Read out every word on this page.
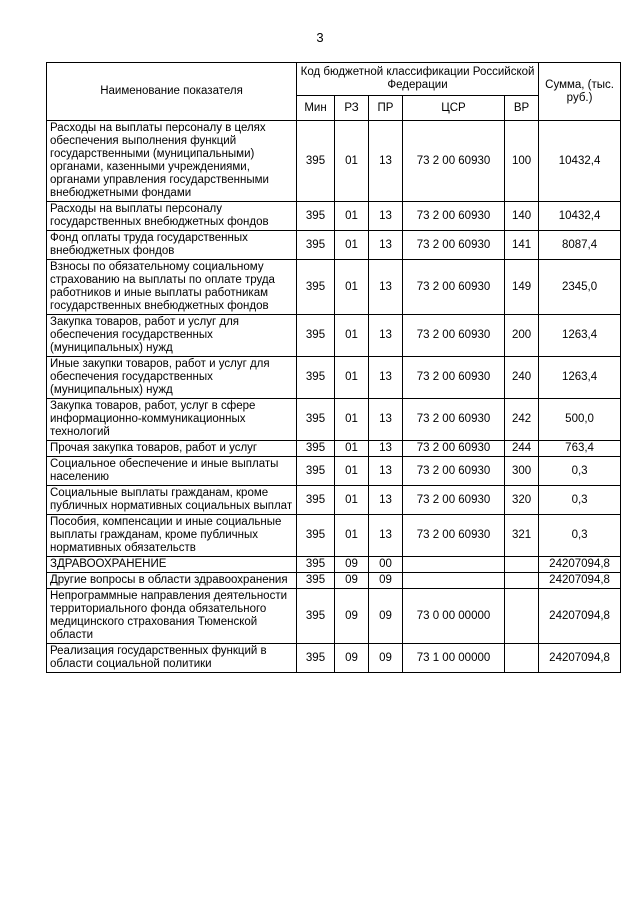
3
Наименование показателя	Код бюджетной классификации Российской Федерации					Сумма, (тыс. руб.)
	Мин	РЗ	ПР	ЦСР	ВР	
Расходы на выплаты персоналу в целях обеспечения выполнения функций государственными (муниципальными) органами, казенными учреждениями, органами управления государственными внебюджетными фондами	395	01	13	73 2 00 60930	100	10432,4
Расходы на выплаты персоналу государственных внебюджетных фондов	395	01	13	73 2 00 60930	140	10432,4
Фонд оплаты труда государственных внебюджетных фондов	395	01	13	73 2 00 60930	141	8087,4
Взносы по обязательному социальному страхованию на выплаты по оплате труда работников и иные выплаты работникам государственных внебюджетных фондов	395	01	13	73 2 00 60930	149	2345,0
Закупка товаров, работ и услуг для обеспечения государственных (муниципальных) нужд	395	01	13	73 2 00 60930	200	1263,4
Иные закупки товаров, работ и услуг для обеспечения государственных (муниципальных) нужд	395	01	13	73 2 00 60930	240	1263,4
Закупка товаров, работ, услуг в сфере информационно-коммуникационных технологий	395	01	13	73 2 00 60930	242	500,0
Прочая закупка товаров, работ и услуг	395	01	13	73 2 00 60930	244	763,4
Социальное обеспечение и иные выплаты населению	395	01	13	73 2 00 60930	300	0,3
Социальные выплаты гражданам, кроме публичных нормативных социальных выплат	395	01	13	73 2 00 60930	320	0,3
Пособия, компенсации и иные социальные выплаты гражданам, кроме публичных нормативных обязательств	395	01	13	73 2 00 60930	321	0,3
ЗДРАВООХРАНЕНИЕ	395	09	00			24207094,8
Другие вопросы в области здравоохранения	395	09	09			24207094,8
Непрограммные направления деятельности территориального фонда обязательного медицинского страхования Тюменской области	395	09	09	73 0 00 00000		24207094,8
Реализация государственных функций в области социальной политики	395	09	09	73 1 00 00000		24207094,8
